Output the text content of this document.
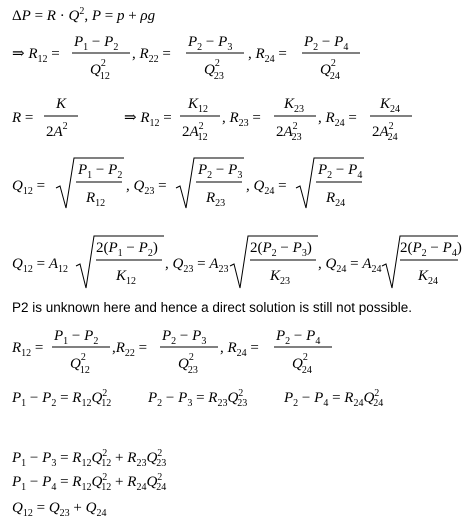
$\Delta P = R \cdot Q^2$, P = p + ρg
⇒ $R_{12}$ =
$P_1 - P_2$
$Q^2$ 12
, $R_{22}$ =
$P_2 - P_3$
$Q^2$ 23
, $R_{24}$ =
$P_2 - P_4$
$Q^2$ 24
R =
K
$2A^2$
⇒ $R_{12}$ =
$K_{12}$
$2A^2$ 12
, $R_{23}$ =
$K_{23}$
$2A^2$ 23
, $R_{24}$ =
$K_{24}$
$2A^2$ 24
$Q_{12}$ =
$P_1 - P_2$
$R_{12}$
, $Q_{23}$ =
$P_2 - P_3$
$R_{23}$
, $Q_{24}$ =
$P_2 - P_4$
$R_{24}$
$Q_{12} = A_{12}$
$2(P_1 - P_2)$
$K_{12}$
, $Q_{23} = A_{23}$
$2(P_2 - P_3)$
$K_{23}$
, $Q_{24} = A_{24}$
$2(P_2 - P_4)$
$K_{24}$
P2 is unknown here and hence a direct solution is still not possible.
$R_{12}$ =
$P_1 - P_2$
$Q^2$ 12
$,R_{22}$ =
$P_2 - P_3$
$Q^2$ 23
, $R_{24}$ =
$P_2 - P_4$
$Q^2$ 24
$P_1 - P_2 = R_{12}Q^2$ 12 $P_2 - P_3 = R_{23}Q^2$ 23 $P_2 - P_4 = R_{24}Q^2$ 24
$P_1 - P_3 = R_{12}Q^2$ $12 + R_{23}Q^2$ 23
$P_1 - P_4 = R_{12}Q^2$ $12 + R_{24}Q^2$ 24
$Q_{12} = Q_{23} + Q_{24}$
